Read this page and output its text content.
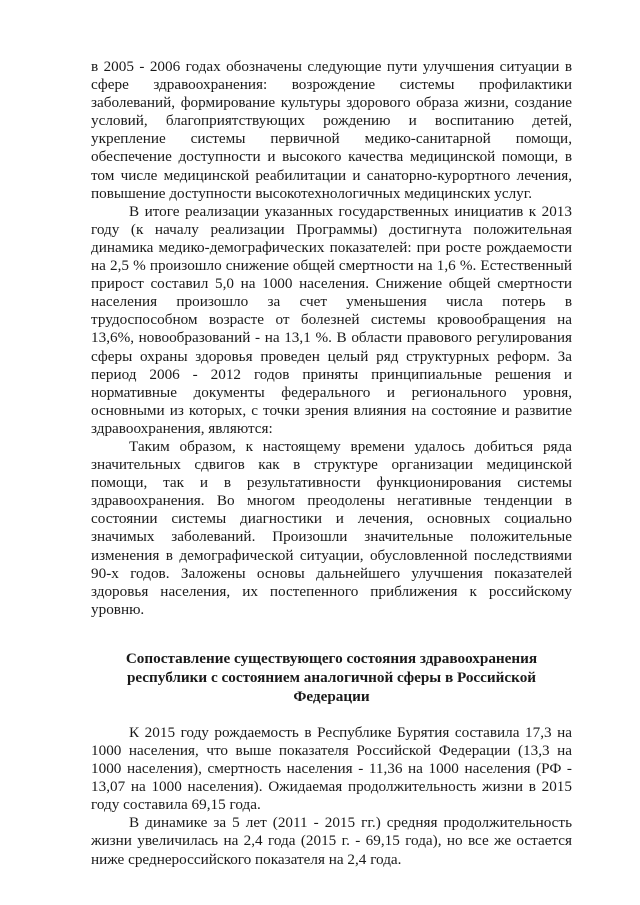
в 2005 - 2006 годах обозначены следующие пути улучшения ситуации в сфере здравоохранения: возрождение системы профилактики заболеваний, формирование культуры здорового образа жизни, создание условий, благоприятствующих рождению и воспитанию детей, укрепление системы первичной медико-санитарной помощи, обеспечение доступности и высокого качества медицинской помощи, в том числе медицинской реабилитации и санаторно-курортного лечения, повышение доступности высокотехнологичных медицинских услуг.

В итоге реализации указанных государственных инициатив к 2013 году (к началу реализации Программы) достигнута положительная динамика медико-демографических показателей: при росте рождаемости на 2,5 % произошло снижение общей смертности на 1,6 %. Естественный прирост составил 5,0 на 1000 населения. Снижение общей смертности населения произошло за счет уменьшения числа потерь в трудоспособном возрасте от болезней системы кровообращения на 13,6%, новообразований - на 13,1 %. В области правового регулирования сферы охраны здоровья проведен целый ряд структурных реформ. За период 2006 - 2012 годов приняты принципиальные решения и нормативные документы федерального и регионального уровня, основными из которых, с точки зрения влияния на состояние и развитие здравоохранения, являются:

Таким образом, к настоящему времени удалось добиться ряда значительных сдвигов как в структуре организации медицинской помощи, так и в результативности функционирования системы здравоохранения. Во многом преодолены негативные тенденции в состоянии системы диагностики и лечения, основных социально значимых заболеваний. Произошли значительные положительные изменения в демографической ситуации, обусловленной последствиями 90-х годов. Заложены основы дальнейшего улучшения показателей здоровья населения, их постепенного приближения к российскому уровню.

Сопоставление существующего состояния здравоохранения республики с состоянием аналогичной сферы в Российской Федерации

К 2015 году рождаемость в Республике Бурятия составила 17,3 на 1000 населения, что выше показателя Российской Федерации (13,3 на 1000 населения), смертность населения - 11,36 на 1000 населения (РФ - 13,07 на 1000 населения). Ожидаемая продолжительность жизни в 2015 году составила 69,15 года.

В динамике за 5 лет (2011 - 2015 гг.) средняя продолжительность жизни увеличилась на 2,4 года (2015 г. - 69,15 года), но все же остается ниже среднероссийского показателя на 2,4 года.
